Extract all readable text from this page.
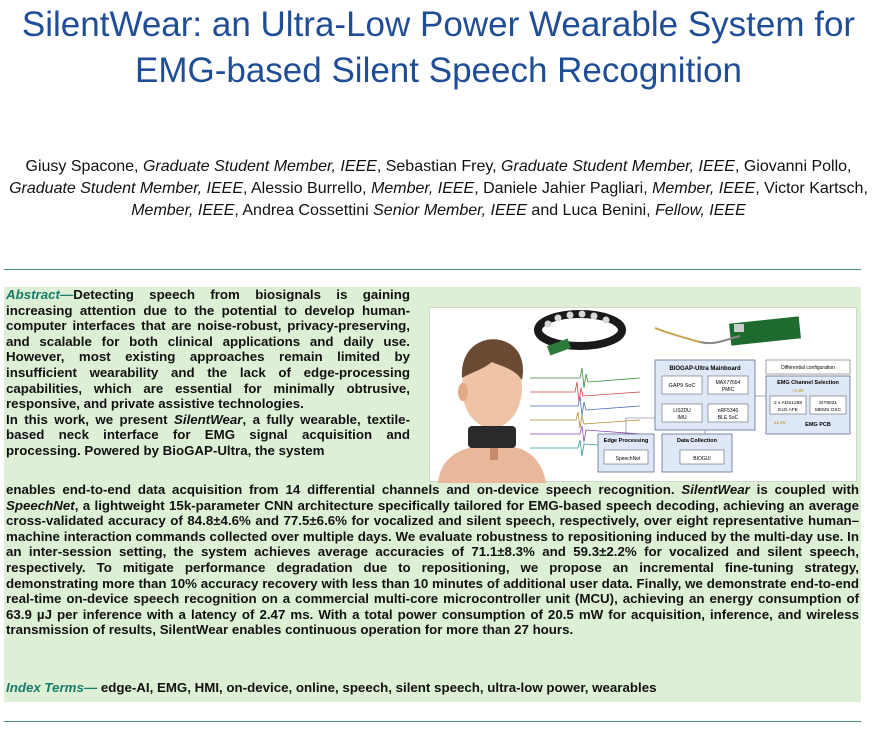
SilentWear: an Ultra-Low Power Wearable System for EMG-based Silent Speech Recognition

Giusy Spacone, Graduate Student Member, IEEE, Sebastian Frey, Graduate Student Member, IEEE, Giovanni Pollo, Graduate Student Member, IEEE, Alessio Burrello, Member, IEEE, Daniele Jahier Pagliari, Member, IEEE, Victor Kartsch, Member, IEEE, Andrea Cossettini Senior Member, IEEE and Luca Benini, Fellow, IEEE

Abstract—Detecting speech from biosignals is gaining increasing attention due to the potential to develop human-computer interfaces that are noise-robust, privacy-preserving, and scalable for both clinical applications and daily use. However, most existing approaches remain limited by insufficient wearability and the lack of edge-processing capabilities, which are essential for minimally obtrusive, responsive, and private assistive technologies.

In this work, we present SilentWear, a fully wearable, textile-based neck interface for EMG signal acquisition and processing. Powered by BioGAP-Ultra, the system

BIOGAP-Ultra Mainboard
GAP9 SoC	MAX77654
PMIC
LIS2DU
IMU
nRF5340
BLE SoC
Differential configuration
EMG Channel Selection
+1.8V
2 x ADS1298
ExG AFE
SIT8021
MEMS OSC
±1.5V	EMG PCB
Edge Processing
SpeechNet
Data Collection
BIOGUI

enables end-to-end data acquisition from 14 differential channels and on-device speech recognition. SilentWear is coupled with SpeechNet, a lightweight 15k-parameter CNN architecture specifically tailored for EMG-based speech decoding, achieving an average cross-validated accuracy of 84.8±4.6% and 77.5±6.6% for vocalized and silent speech, respectively, over eight representative human–machine interaction commands collected over multiple days. We evaluate robustness to repositioning induced by the multi-day use. In an inter-session setting, the system achieves average accuracies of 71.1±8.3% and 59.3±2.2% for vocalized and silent speech, respectively. To mitigate performance degradation due to repositioning, we propose an incremental fine-tuning strategy, demonstrating more than 10% accuracy recovery with less than 10 minutes of additional user data. Finally, we demonstrate end-to-end real-time on-device speech recognition on a commercial multi-core microcontroller unit (MCU), achieving an energy consumption of 63.9 µJ per inference with a latency of 2.47 ms. With a total power consumption of 20.5 mW for acquisition, inference, and wireless transmission of results, SilentWear enables continuous operation for more than 27 hours.

Index Terms— edge-AI, EMG, HMI, on-device, online, speech, silent speech, ultra-low power, wearables
